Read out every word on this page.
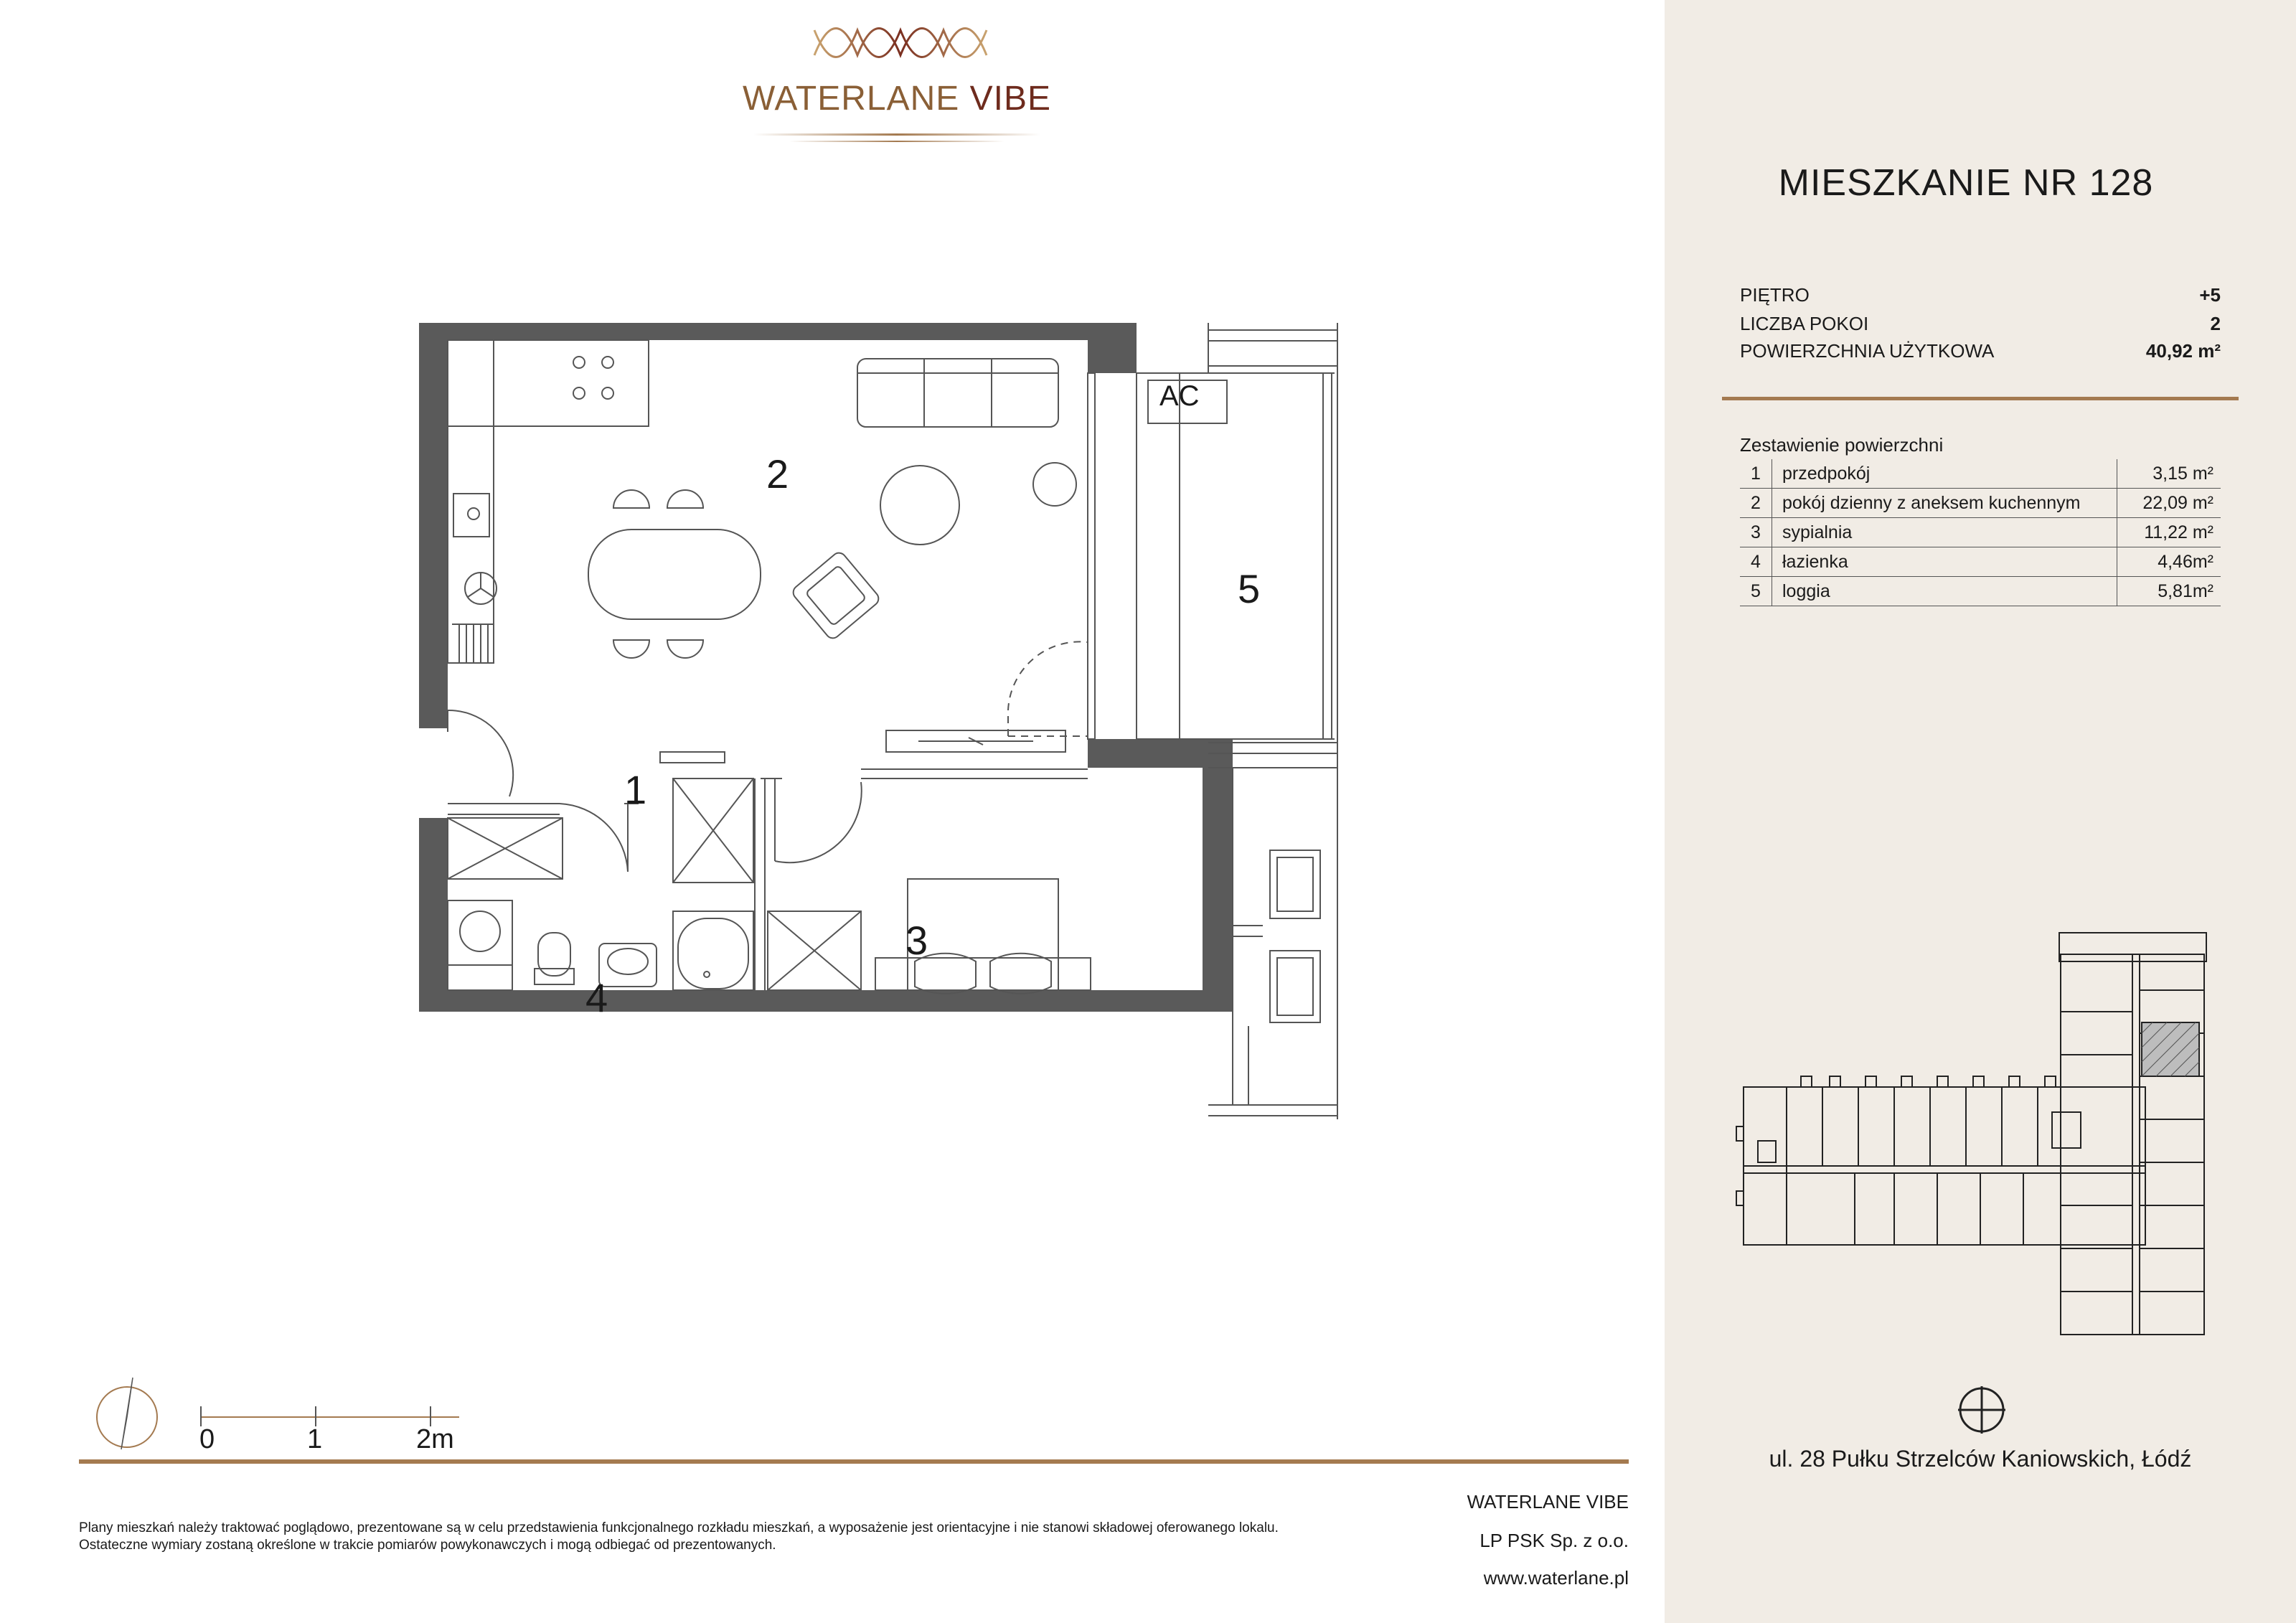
WATERLANE VIBE
2
1
3
4
5
AC
MIESZKANIE NR 128
PIĘTRO	+5
LICZBA POKOI	2
POWIERZCHNIA UŻYTKOWA	40,92 m²
Zestawienie powierzchni
1	przedpokój	3,15 m²
2	pokój dzienny z aneksem kuchennym	22,09 m²
3	sypialnia	11,22 m²
4	łazienka	4,46m²
5	loggia	5,81m²
ul. 28 Pułku Strzelców Kaniowskich, Łódź
0	1	2m
Plany mieszkań należy traktować poglądowo, prezentowane są w celu przedstawienia funkcjonalnego rozkładu mieszkań, a wyposażenie jest orientacyjne i nie stanowi składowej oferowanego lokalu.
Ostateczne wymiary zostaną określone w trakcie pomiarów powykonawczych i mogą odbiegać od prezentowanych.
WATERLANE VIBE
LP PSK Sp. z o.o.
www.waterlane.pl
